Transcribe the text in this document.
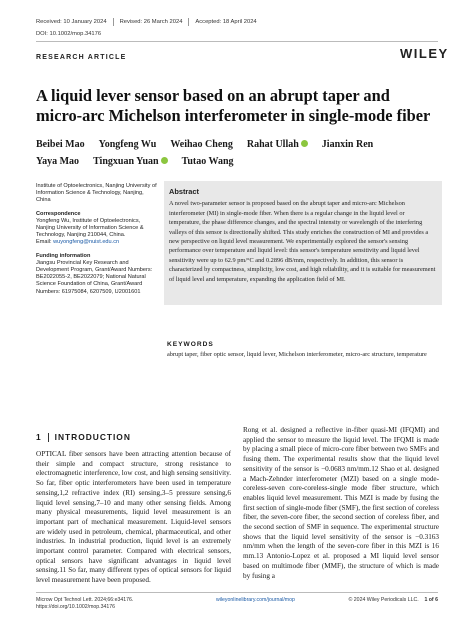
Received: 10 January 2024 Revised: 26 March 2024 Accepted: 18 April 2024
DOI: 10.1002/mop.34176
RESEARCH ARTICLE	WILEY
A liquid lever sensor based on an abrupt taper and micro-arc Michelson interferometer in single-mode fiber
Beibei Mao Yongfeng Wu Weihao Cheng Rahat Ullah Jianxin RenYaya Mao Tingxuan Yuan Tutao Wang
Institute of Optoelectronics, Nanjing University of Information Science & Technology, Nanjing, China
Correspondence
Yongfeng Wu, Institute of Optoelectronics, Nanjing University of Information Science & Technology, Nanjing 210044, China.
Email: wuyongfeng@nuist.edu.cn
Funding information
Jiangsu Provincial Key Research and Development Program, Grant/Award Numbers: BE2022055-2, BE2022079; National Natural Science Foundation of China, Grant/Award Numbers: 61975084, 6207509, U2001601
Abstract
A novel two-parameter sensor is proposed based on the abrupt taper and micro-arc Michelson interferometer (MI) in single-mode fiber. When there is a regular change in the liquid level or temperature, the phase difference changes, and the spectral intensity or wavelength of the interfering valleys of this sensor is directionally shifted. This study enriches the construction of MI and provides a new perspective on liquid level measurement. We experimentally explored the sensor's sensing performance over temperature and liquid level: this sensor's temperature sensitivity and liquid level sensitivity were up to 62.9 pm/°C and 0.2896 dB/mm, respectively. In addition, this sensor is characterized by compactness, simplicity, low cost, and high reliability, and it is suitable for measurement of liquid level and temperature, expanding the application field of MI.
KEYWORDS
abrupt taper, fiber optic sensor, liquid lever, Michelson interferometer, micro-arc structure, temperature
1 INTRODUCTION
OPTICAL fiber sensors have been attracting attention because of their simple and compact structure, strong resistance to electromagnetic interference, low cost, and high sensing sensitivity. So far, fiber optic interferometers have been used in temperature sensing,1,2 refractive index (RI) sensing,3–5 pressure sensing,6 liquid level sensing,7–10 and many other sensing fields. Among many physical measurements, liquid level measurement is an important part of mechanical measurement. Liquid-level sensors are widely used in petroleum, chemical, pharmaceutical, and other industries. In industrial production, liquid level is an extremely important control parameter. Compared with electrical sensors, optical sensors have significant advantages in liquid level sensing.11 So far, many different types of optical sensors for liquid level measurement have been proposed.
Rong et al. designed a reflective in-fiber quasi-MI (IFQMI) and applied the sensor to measure the liquid level. The IFQMI is made by placing a small piece of micro-core fiber between two SMFs and fusing them. The experimental results show that the liquid level sensitivity of the sensor is −0.0683 nm/mm.12 Shao et al. designed a Mach-Zehnder interferometer (MZI) based on a single mode-coreless-seven core-coreless-single mode fiber structure, which enables liquid level measurement. This MZI is made by fusing the first section of single-mode fiber (SMF), the first section of coreless fiber, the seven-core fiber, the second section of coreless fiber, and the second section of SMF in sequence. The experimental structure shows that the liquid level sensitivity of the sensor is −0.3163 nm/mm when the length of the seven-core fiber in this MZI is 16 mm.13 Antonio-Lopez et al. proposed a MI liquid level sensor based on multimode fiber (MMF), the structure of which is made by fusing a
Microw Opt Technol Lett. 2024;66:e34176.
https://doi.org/10.1002/mop.34176
wileyonlinelibrary.com/journal/mop	© 2024 Wiley Periodicals LLC. 1 of 6
